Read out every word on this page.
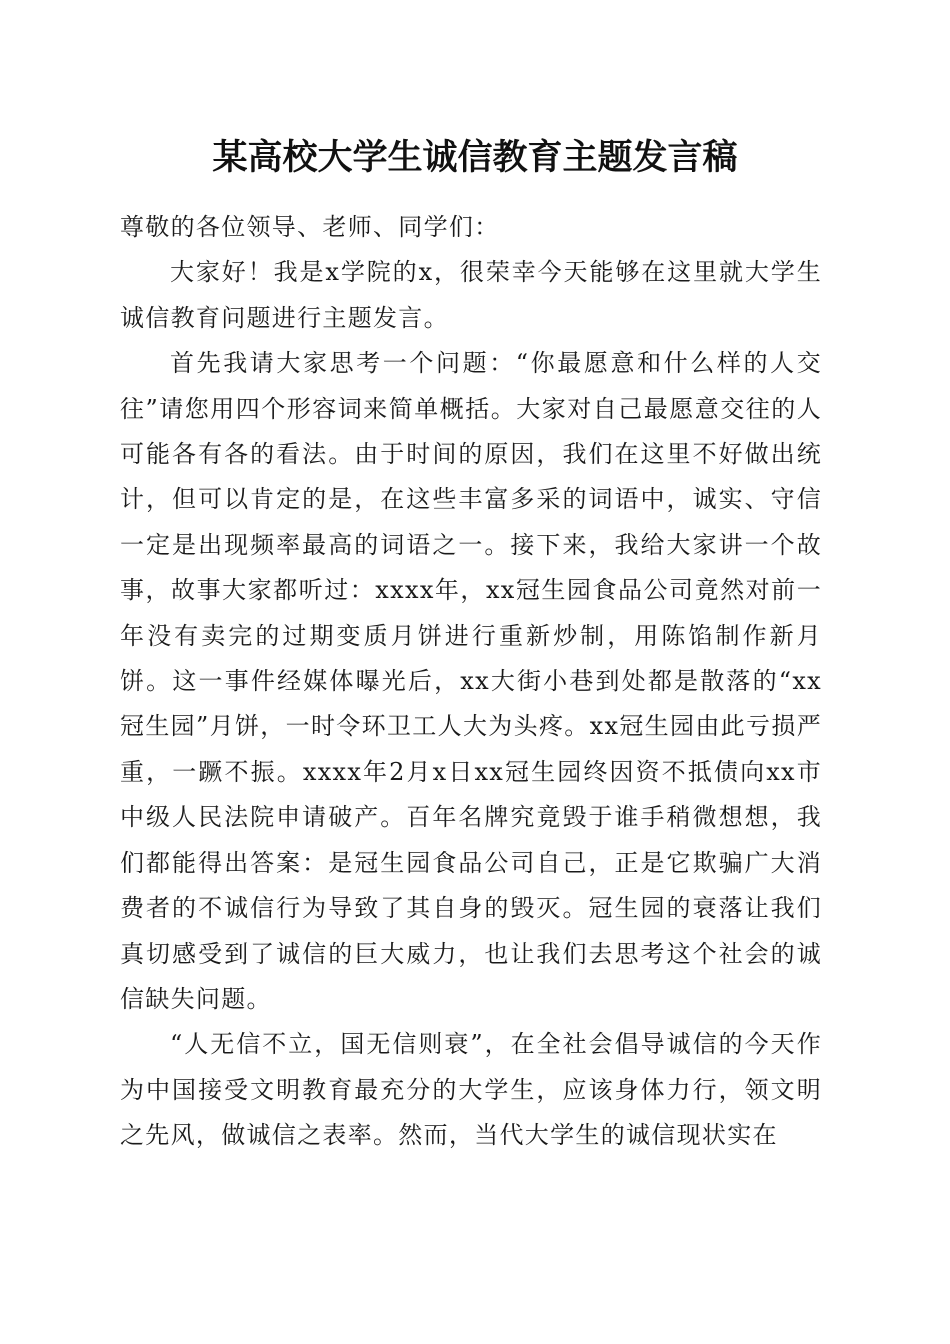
某高校大学生诚信教育主题发言稿

尊敬的各位领导、老师、同学们：

大家好！我是x学院的x，很荣幸今天能够在这里就大学生诚信教育问题进行主题发言。

首先我请大家思考一个问题：“你最愿意和什么样的人交往”请您用四个形容词来简单概括。大家对自己最愿意交往的人可能各有各的看法。由于时间的原因，我们在这里不好做出统计，但可以肯定的是，在这些丰富多采的词语中，诚实、守信一定是出现频率最高的词语之一。接下来，我给大家讲一个故事，故事大家都听过：xxxx年，xx冠生园食品公司竟然对前一年没有卖完的过期变质月饼进行重新炒制，用陈馅制作新月饼。这一事件经媒体曝光后，xx大街小巷到处都是散落的“xx冠生园”月饼，一时令环卫工人大为头疼。xx冠生园由此亏损严重，一蹶不振。xxxx年2月x日xx冠生园终因资不抵债向xx市中级人民法院申请破产。百年名牌究竟毁于谁手稍微想想，我们都能得出答案：是冠生园食品公司自己，正是它欺骗广大消费者的不诚信行为导致了其自身的毁灭。冠生园的衰落让我们真切感受到了诚信的巨大威力，也让我们去思考这个社会的诚信缺失问题。

“人无信不立，国无信则衰”，在全社会倡导诚信的今天作为中国接受文明教育最充分的大学生，应该身体力行，领文明之先风，做诚信之表率。然而，当代大学生的诚信现状实在
